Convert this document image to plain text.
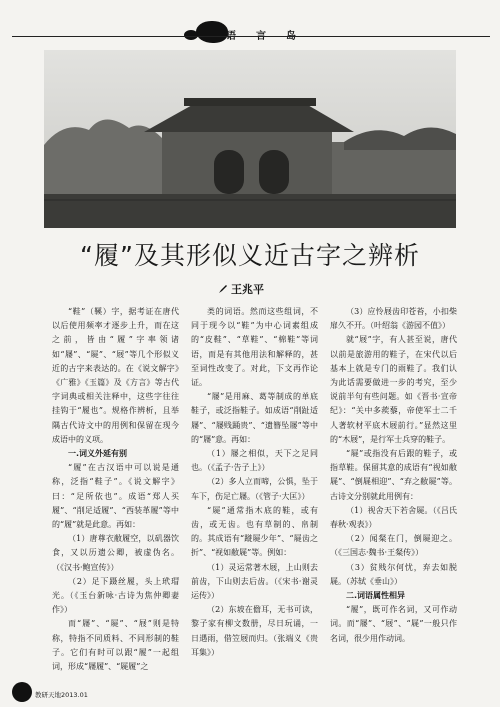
“履”及其形似义近古字之辨析
王兆平

“鞋”（鞵）字，据考证在唐代以后使用频率才逐步上升，而在这之前，皆由“履”字率领诸如“屦”、“屣”、“屐”等几个形似义近的古字来表达的。在《说文解字》《广雅》《玉篇》及《方言》等古代字词典或相关注释中，这些字往往挂钩于“履也”。规格作辨析，且举隅古代诗文中的用例和保留在现今成语中的义项。

一.词义外延有别

“履”在古汉语中可以说是通称，泛指“鞋子”。《说文解字》曰：“足所依也”。成语“郑人买履”、“削足适履”、“西装革履”等中的“履”就是此意。再如：

（1）唐尊衣敝履空，以矶器饮食，又以历遗公卿，被虚伪名。（《汉书·鲍宣传》）

（2）足下蹑丝履，头上玳瑁光。（《玉台新咏·古诗为焦仲卿妻作》）

而“屦”、“屣”、“屐”则是特称，特指不同质料、不同形制的鞋子。它们有时可以跟“履”一起组词，形成“屦履”、“屣履”之

类的词语。然而这些组词，不同于现今以“鞋”为中心词素组成的“皮鞋”、“草鞋”、“棉鞋”等词语，而是有其他用法和解释的，甚至词性改变了。对此，下文再作论证。

“屦”是用麻、葛等制成的单底鞋子，或泛指鞋子。如成语“削趾适屦”、“屦贱踊贵”、“遗簪坠屦”等中的“屦”意。再如：

（1）屦之相似，天下之足同也。（《孟子·告子上》）

（2）多人立而啼，公惧，坠于车下，伤足亡屦。（《管子·大匡》）

“屣”通常指木底的鞋，或有齿，或无齿。也有草制的、帛制的。其成语有“蹝屣少年”、“屣齿之折”、“视如敝屣”等。例如：

（1）灵运常著木屐，上山则去前齿，下山则去后齿。（《宋书·谢灵运传》）

（2）东坡在儋耳，无书可读，黎子家有柳文数册，尽日玩诵，一日遇雨，借笠屐而归。（张端义《贵耳集》）

（3）应怜屐齿印苍苔，小扣柴扉久不开。（叶绍翁《游园不值》）

就“屐”字，有人甚至说，唐代以前是旅游用的鞋子，在宋代以后基本上就是专门的雨鞋了。我们认为此话需要做进一步的考究，至少说前半句有些问题。如《晋书·宣帝纪》：“关中多蒺藜，帝使军士二千人著软材平底木屐前行。”显然这里的“木屐”，是行军士兵穿的鞋子。

“屣”或指没有后跟的鞋子，或指草鞋。保留其意的成语有“视如敝屣”、“倒屣相迎”、“弃之敝屣”等。古诗文分别就此用例有：

（1）视舍天下若舍屣。（《吕氏春秋·观表》）

（2）闻粲在门，倒屣迎之。（《三国志·魏书·王粲传》）

（3）贫贱尔何忧，弃去如脱屣。（苏轼《垂山》）

二.词语属性相异

“履”，既可作名词，又可作动词。而“屦”、“屐”、“屣”一般只作名词，很少用作动词。

教研天地2013.01
